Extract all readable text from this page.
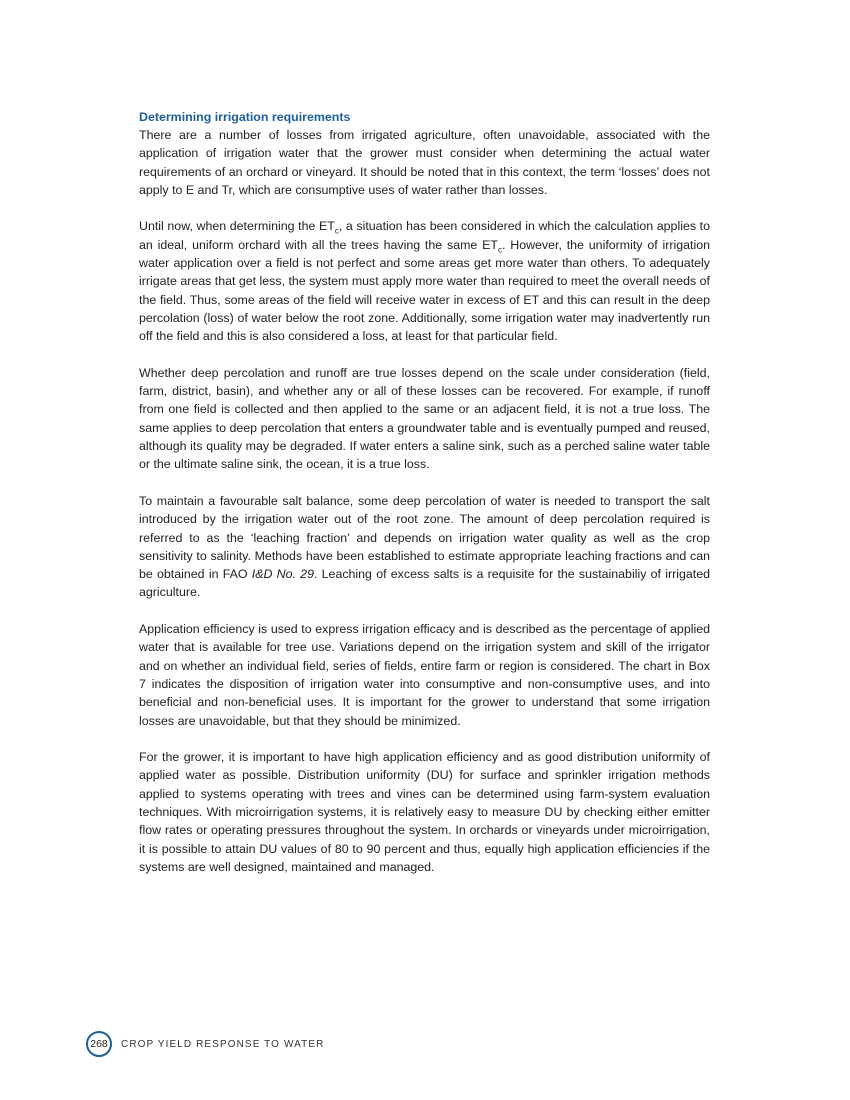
Determining irrigation requirements

There are a number of losses from irrigated agriculture, often unavoidable, associated with the application of irrigation water that the grower must consider when determining the actual water requirements of an orchard or vineyard. It should be noted that in this context, the term ‘losses’ does not apply to E and Tr, which are consumptive uses of water rather than losses.

Until now, when determining the $ET_c$, a situation has been considered in which the calculation applies to an ideal, uniform orchard with all the trees having the same $ET_c$. However, the uniformity of irrigation water application over a field is not perfect and some areas get more water than others. To adequately irrigate areas that get less, the system must apply more water than required to meet the overall needs of the field. Thus, some areas of the field will receive water in excess of ET and this can result in the deep percolation (loss) of water below the root zone. Additionally, some irrigation water may inadvertently run off the field and this is also considered a loss, at least for that particular field.

Whether deep percolation and runoff are true losses depend on the scale under consideration (field, farm, district, basin), and whether any or all of these losses can be recovered. For example, if runoff from one field is collected and then applied to the same or an adjacent field, it is not a true loss. The same applies to deep percolation that enters a groundwater table and is eventually pumped and reused, although its quality may be degraded. If water enters a saline sink, such as a perched saline water table or the ultimate saline sink, the ocean, it is a true loss.

To maintain a favourable salt balance, some deep percolation of water is needed to transport the salt introduced by the irrigation water out of the root zone. The amount of deep percolation required is referred to as the ‘leaching fraction’ and depends on irrigation water quality as well as the crop sensitivity to salinity. Methods have been established to estimate appropriate leaching fractions and can be obtained in FAO I&D No. 29. Leaching of excess salts is a requisite for the sustainabiliy of irrigated agriculture.

Application efficiency is used to express irrigation efficacy and is described as the percentage of applied water that is available for tree use. Variations depend on the irrigation system and skill of the irrigator and on whether an individual field, series of fields, entire farm or region is considered. The chart in Box 7 indicates the disposition of irrigation water into consumptive and non-consumptive uses, and into beneficial and non-beneficial uses. It is important for the grower to understand that some irrigation losses are unavoidable, but that they should be minimized.

For the grower, it is important to have high application efficiency and as good distribution uniformity of applied water as possible. Distribution uniformity (DU) for surface and sprinkler irrigation methods applied to systems operating with trees and vines can be determined using farm-system evaluation techniques. With microirrigation systems, it is relatively easy to measure DU by checking either emitter flow rates or operating pressures throughout the system. In orchards or vineyards under microirrigation, it is possible to attain DU values of 80 to 90 percent and thus, equally high application efficiencies if the systems are well designed, maintained and managed.

268	CROP YIELD RESPONSE TO WATER
